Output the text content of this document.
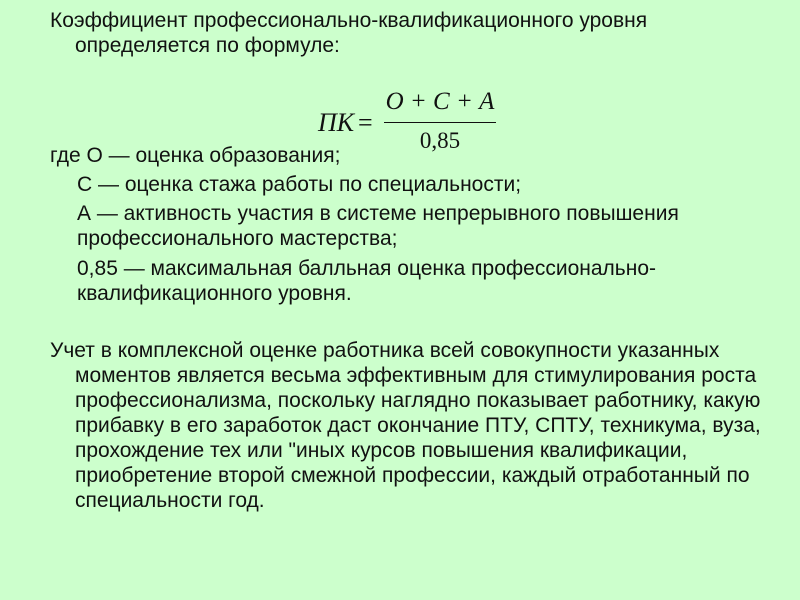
Коэффициент профессионально-квалификационного уровня определяется по формуле:

ПК =
О + С + А
0,85

где О — оценка образования;

С — оценка стажа работы по специальности;

А — активность участия в системе непрерывного повышения профессионального мастерства;

0,85 — максимальная балльная оценка профессионально-квалификационного уровня.

Учет в комплексной оценке работника всей совокупности указанных моментов является весьма эффективным для стимулирования роста профессионализма, поскольку наглядно показывает работнику, какую прибавку в его заработок даст окончание ПТУ, СПТУ, техникума, вуза, прохождение тех или "иных курсов повышения квалификации, приобретение второй смежной профессии, каждый отработанный по специальности год.
